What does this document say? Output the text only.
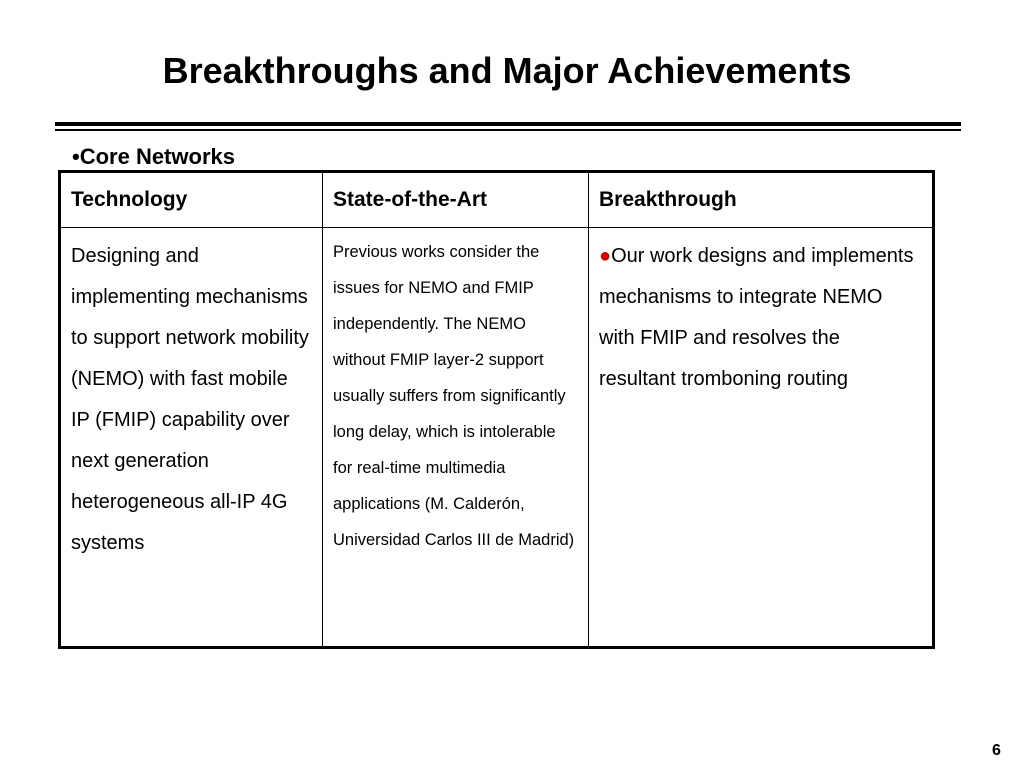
Breakthroughs and Major Achievements
•Core Networks
Technology	State-of-the-Art	Breakthrough
Designing and implementing mechanisms to support network mobility (NEMO) with fast mobile IP (FMIP) capability over next generation heterogeneous all-IP 4G systems	Previous works consider the issues for NEMO and FMIP independently. The NEMO without FMIP layer-2 support usually suffers from significantly long delay, which is intolerable for real-time multimedia applications (M. Calderón, Universidad Carlos III de Madrid)	●Our work designs and implements mechanisms to integrate NEMO with FMIP and resolves the resultant tromboning routing
6
